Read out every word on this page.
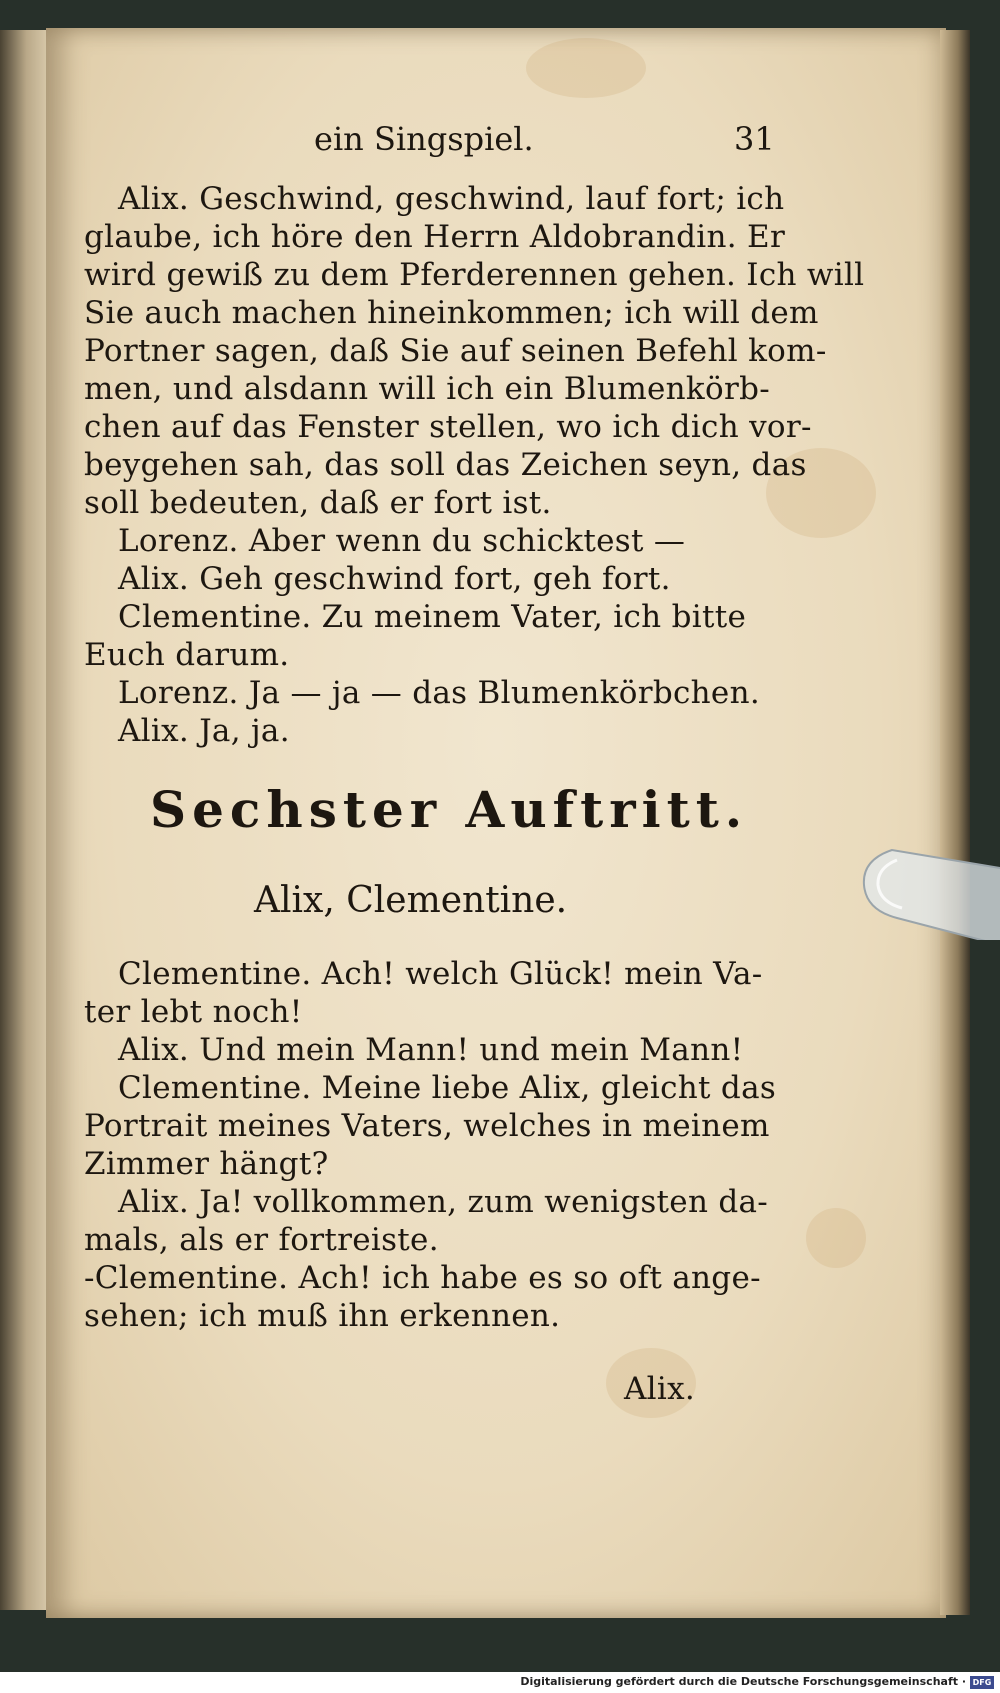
ein Singspiel.	31
Alix. Geschwind, geschwind, lauf fort; ich
glaube, ich höre den Herrn Aldobrandin. Er
wird gewiß zu dem Pferderennen gehen. Ich will
Sie auch machen hineinkommen; ich will dem
Portner sagen, daß Sie auf seinen Befehl kom-
men, und alsdann will ich ein Blumenkörb-
chen auf das Fenster stellen, wo ich dich vor-
beygehen sah, das soll das Zeichen seyn, das
soll bedeuten, daß er fort ist.
Lorenz. Aber wenn du schicktest —
Alix. Geh geschwind fort, geh fort.
Clementine. Zu meinem Vater, ich bitte
Euch darum.
Lorenz. Ja — ja — das Blumenkörbchen.
Alix. Ja, ja.
Sechster Auftritt.
Alix, Clementine.
Clementine. Ach! welch Glück! mein Va-
ter lebt noch!
Alix. Und mein Mann! und mein Mann!
Clementine. Meine liebe Alix, gleicht das
Portrait meines Vaters, welches in meinem
Zimmer hängt?
Alix. Ja! vollkommen, zum wenigsten da-
mals, als er fortreiste.
-Clementine. Ach! ich habe es so oft ange-
sehen; ich muß ihn erkennen.
Alix.
Digitalisierung gefördert durch die Deutsche Forschungsgemeinschaft · DFG
